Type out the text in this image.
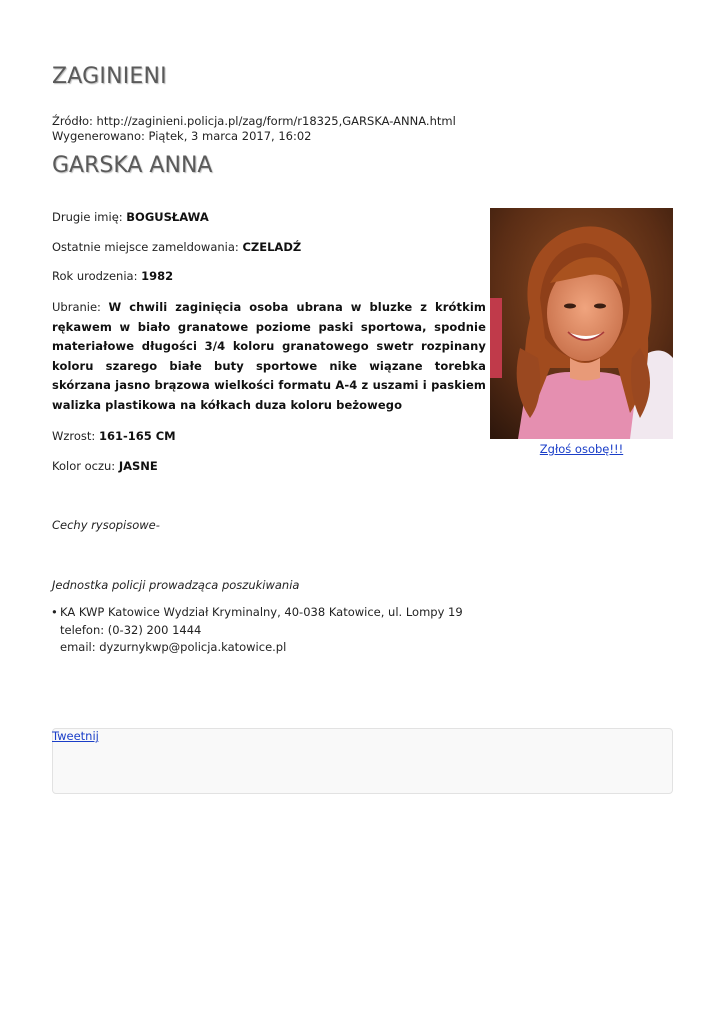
ZAGINIENI
Źródło: http://zaginieni.policja.pl/zag/form/r18325,GARSKA-ANNA.html
Wygenerowano: Piątek, 3 marca 2017, 16:02
GARSKA ANNA
Drugie imię: BOGUSŁAWA
Ostatnie miejsce zameldowania: CZELADŹ
Rok urodzenia: 1982
Ubranie: W chwili zaginięcia osoba ubrana w bluzke z krótkim rękawem w biało granatowe poziome paski sportowa, spodnie materiałowe długości 3/4 koloru granatowego swetr rozpinany koloru szarego białe buty sportowe nike wiązane torebka skórzana jasno brązowa wielkości formatu A-4 z uszami i paskiem walizka plastikowa na kółkach duza koloru beżowego
Wzrost: 161-165 CM
Kolor oczu: JASNE
Cechy rysopisowe-
Jednostka policji prowadząca poszukiwania
• KA KWP Katowice Wydział Kryminalny, 40-038 Katowice, ul. Lompy 19
telefon: (0-32) 200 1444
email: dyzurnykwp@policja.katowice.pl
Zgłoś osobę!!!
Tweetnij
